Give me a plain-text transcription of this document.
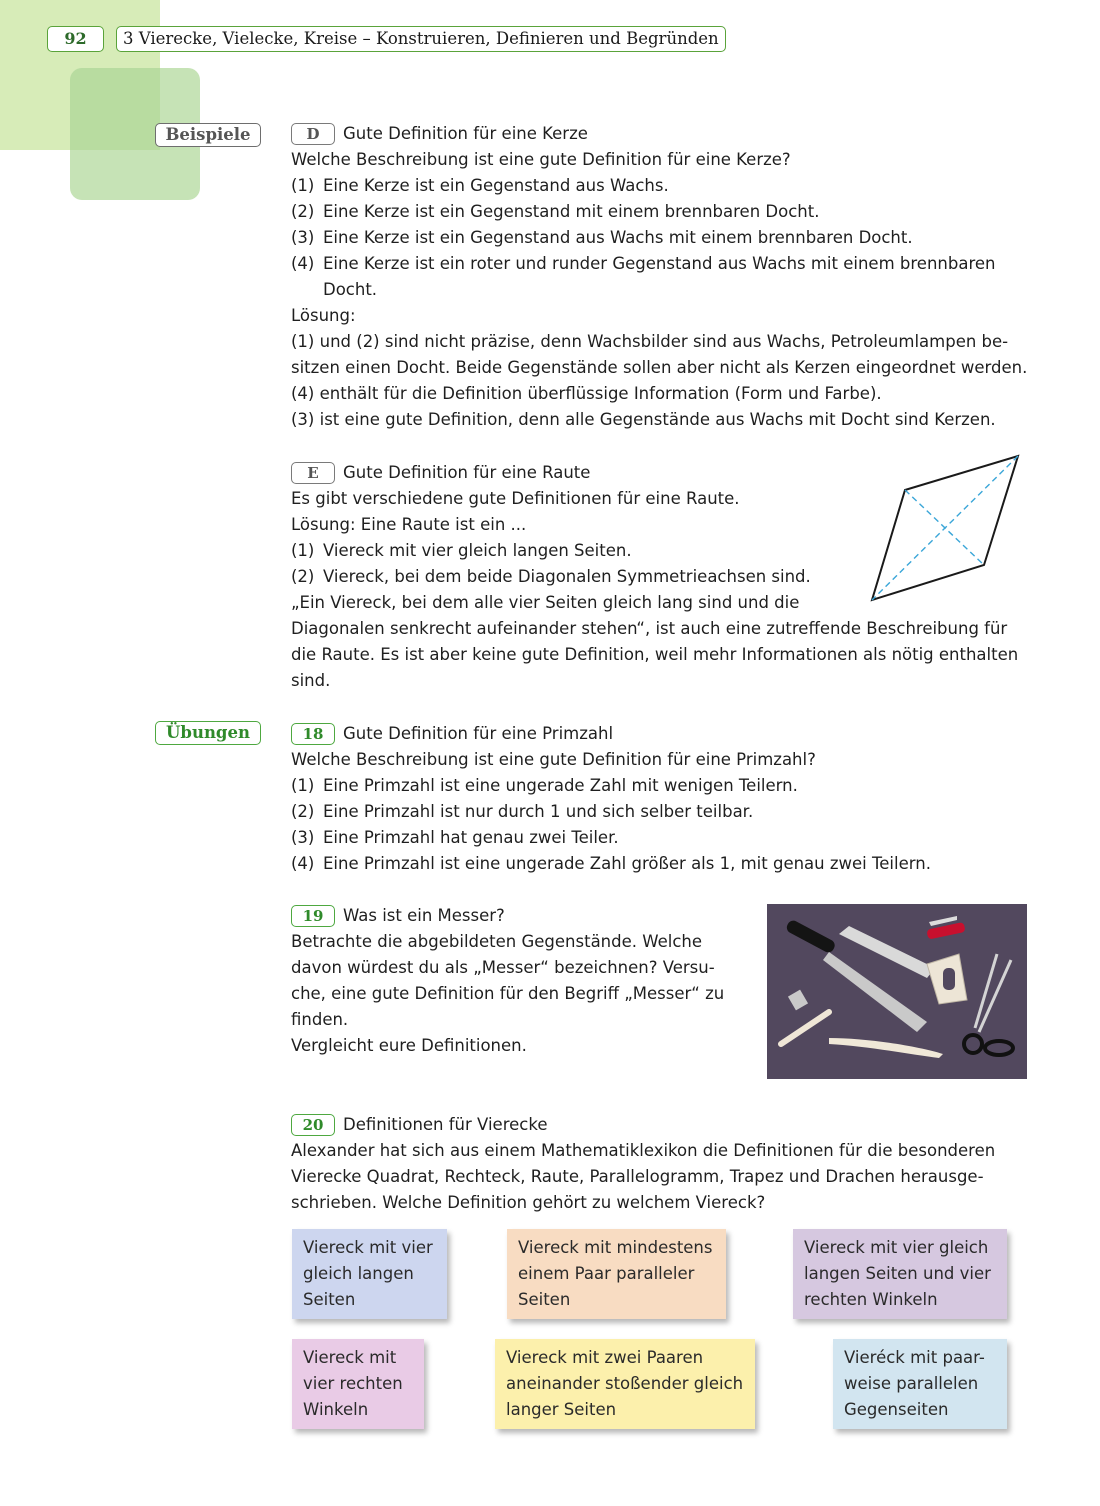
92	3 Vierecke, Vielecke, Kreise – Konstruieren, Definieren und Begründen
Beispiele
Übungen
D	Gute Definition für eine Kerze
Welche Beschreibung ist eine gute Definition für eine Kerze?
(1) Eine Kerze ist ein Gegenstand aus Wachs.
(2) Eine Kerze ist ein Gegenstand mit einem brennbaren Docht.
(3) Eine Kerze ist ein Gegenstand aus Wachs mit einem brennbaren Docht.
(4) Eine Kerze ist ein roter und runder Gegenstand aus Wachs mit einem brennbaren
Docht.
Lösung:
(1) und (2) sind nicht präzise, denn Wachsbilder sind aus Wachs, Petroleumlampen be-
sitzen einen Docht. Beide Gegenstände sollen aber nicht als Kerzen eingeordnet werden.
(4) enthält für die Definition überflüssige Information (Form und Farbe).
(3) ist eine gute Definition, denn alle Gegenstände aus Wachs mit Docht sind Kerzen.
E	Gute Definition für eine Raute
Es gibt verschiedene gute Definitionen für eine Raute.
Lösung: Eine Raute ist ein ...
(1) Viereck mit vier gleich langen Seiten.
(2) Viereck, bei dem beide Diagonalen Symmetrieachsen sind.
„Ein Viereck, bei dem alle vier Seiten gleich lang sind und die
Diagonalen senkrecht aufeinander stehen“, ist auch eine zutreffende Beschreibung für
die Raute. Es ist aber keine gute Definition, weil mehr Informationen als nötig enthalten
sind.
18	Gute Definition für eine Primzahl
Welche Beschreibung ist eine gute Definition für eine Primzahl?
(1) Eine Primzahl ist eine ungerade Zahl mit wenigen Teilern.
(2) Eine Primzahl ist nur durch 1 und sich selber teilbar.
(3) Eine Primzahl hat genau zwei Teiler.
(4) Eine Primzahl ist eine ungerade Zahl größer als 1, mit genau zwei Teilern.
19	Was ist ein Messer?
Betrachte die abgebildeten Gegenstände. Welche
davon würdest du als „Messer“ bezeichnen? Versu-
che, eine gute Definition für den Begriff „Messer“ zu
finden.
Vergleicht eure Definitionen.
20	Definitionen für Vierecke
Alexander hat sich aus einem Mathematiklexikon die Definitionen für die besonderen
Vierecke Quadrat, Rechteck, Raute, Parallelogramm, Trapez und Drachen herausge-
schrieben. Welche Definition gehört zu welchem Viereck?
Viereck mit vier
gleich langen
Seiten
Viereck mit mindestens
einem Paar paralleler
Seiten
Viereck mit vier gleich
langen Seiten und vier
rechten Winkeln
Viereck mit
vier rechten
Winkeln
Viereck mit zwei Paaren
aneinander stoßender gleich
langer Seiten
Vieréck mit paar-
weise parallelen
Gegenseiten
